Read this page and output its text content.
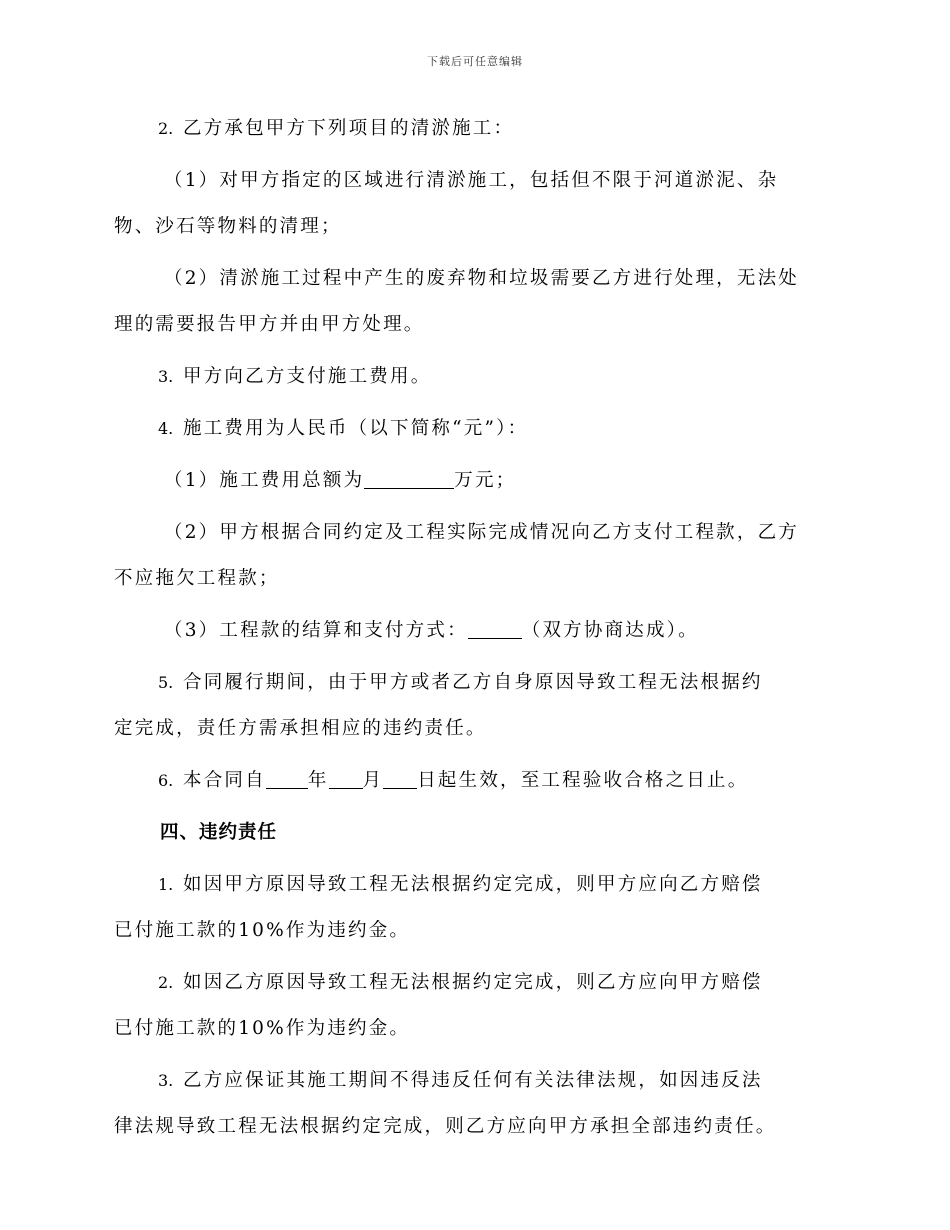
下载后可任意编辑
2. 乙方承包甲方下列项目的清淤施工：
（1）对甲方指定的区域进行清淤施工，包括但不限于河道淤泥、杂
物、沙石等物料的清理；
（2）清淤施工过程中产生的废弃物和垃圾需要乙方进行处理，无法处
理的需要报告甲方并由甲方处理。
3. 甲方向乙方支付施工费用。
4. 施工费用为人民币（以下简称“元”）：
（1）施工费用总额为	万元；
（2）甲方根据合同约定及工程实际完成情况向乙方支付工程款，乙方
不应拖欠工程款；
（3）工程款的结算和支付方式：	（双方协商达成）。
5. 合同履行期间，由于甲方或者乙方自身原因导致工程无法根据约
定完成，责任方需承担相应的违约责任。
6. 本合同自 年 月 日起生效，至工程验收合格之日止。
四、违约责任
1. 如因甲方原因导致工程无法根据约定完成，则甲方应向乙方赔偿
已付施工款的10%作为违约金。
2. 如因乙方原因导致工程无法根据约定完成，则乙方应向甲方赔偿
已付施工款的10%作为违约金。
3. 乙方应保证其施工期间不得违反任何有关法律法规，如因违反法
律法规导致工程无法根据约定完成，则乙方应向甲方承担全部违约责任。
